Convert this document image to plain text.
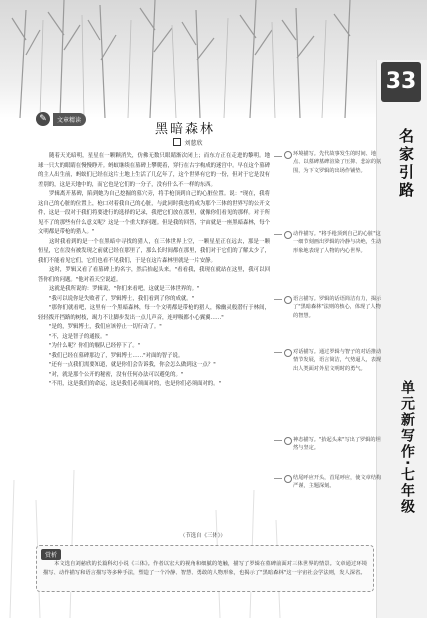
33
名家引路
单元新写作·七年级
✎	文章精读
黑暗森林
刘慈欣

随着天光暗明，星星在一颗颗消失，仿佛无数只眼睛渐次闭上；而东方正在走进的黎明。地球一只大的眼睛在慢慢睁开。蚂蚁继续在墓碑上攀爬着，穿行在古字构成的迷宫中。早在这个墓碑的主人出生前，蚂蚁们已经在这片土地上生活了几亿年了，这个世界有它的一份，但对于它是没有差别的，这是天地中的，而它也是它们的一分子，没有什么不一样的东西。

罗辑离开墓碑，陷到她为自己挖掘的墓穴旁，将手枪顶到自己的心脏位置。说："现在，我将这自己的心脏的位置上，枪口对着我自己的心脏，与此同时我也将成为那个三体的世界写的公开文件，这是一段对于我们将要进行的选择的记录，我把它们放在那里，就像你们看见的那样。对于所见不了的那些有什么意义呢？这是一个重大的问题。但是我的回答，宇宙就是一座黑暗森林，每个文明都是带枪的猎人。"

这时我看到的是一个在黑暗中寻找的猎人，在三体世界上空，一颗星星正在远去，那是一颗恒星，它在没有被发现之前就已经在那里了，那么长时间都在那里，我们对于它们的了解太少了，我们不能看见它们，它们也看不见我们，于是在这片森林里就是一片安静。

这时，罗辑又看了看墓碑上的名字，然后抬起头来。"看看我，我现在就站在这里，我可以回答你们的问题。"他对着天空说道。

这就是我所说的：罗辑说，"你们来看吧，这就是三体世界的。"

"我可以说你是失败者了，罗辑博士，我们看到了你的成就。"

"那你们就看吧，这里有一个黑暗森林，每一个文明都是带枪的猎人，像幽灵般潜行于林间，轻轻拨开挡路的树枝，竭力不让脚步发出一点儿声音，连呼吸都小心翼翼……"

"是的，罗辑博士，我们应该停止一切行动了。"

"不，这是智子的通报。"

"为什么呢？你们的舰队已经停下了。"

"我们已经在墓碑那边了，罗辑博士……"对面的智子说。

"还有一点我们需要知道，就是你们会告诉我，你会怎么做到这一点？"

"对，就是那个公开的秘密，没有任何办法可以避免的。"

"不用，这是我们的命运，这是我们必须面对的，也是你们必须面对的。"

（节选自《三体》）
环境描写。先代故事发生的时间、地点、以墓碑墓碑渲染了压抑、悲凉的氛围，为下文罗辑的出场作铺垫。
动作描写。"将手枪顶到自己的心脏"这一细节刻画出罗辑的冷静与决绝，生动形象地表现了人物的内心世界。
语言描写。罗辑的话语简洁有力，揭示了"黑暗森林"法则的核心，体现了人物的智慧。
对话描写。通过罗辑与智子的对话推动情节发展，语言简洁，气势逼人，表现出人类面对外星文明时的勇气。
神态描写。"抬起头来"写出了罗辑的坦然与坚定。
结尾呼应开头，首尾呼应，使文章结构严谨，主题深刻。
赏析
本文选自刘慈欣的长篇科幻小说《三体》。作者以宏大的视角和细腻的笔触，描写了罗辑在墓碑前面对三体世界的情景。文章通过环境描写、动作描写和语言描写等多种手法，塑造了一个冷静、智慧、勇敢的人物形象，也揭示了"黑暗森林"这一宇宙社会学法则，发人深省。
